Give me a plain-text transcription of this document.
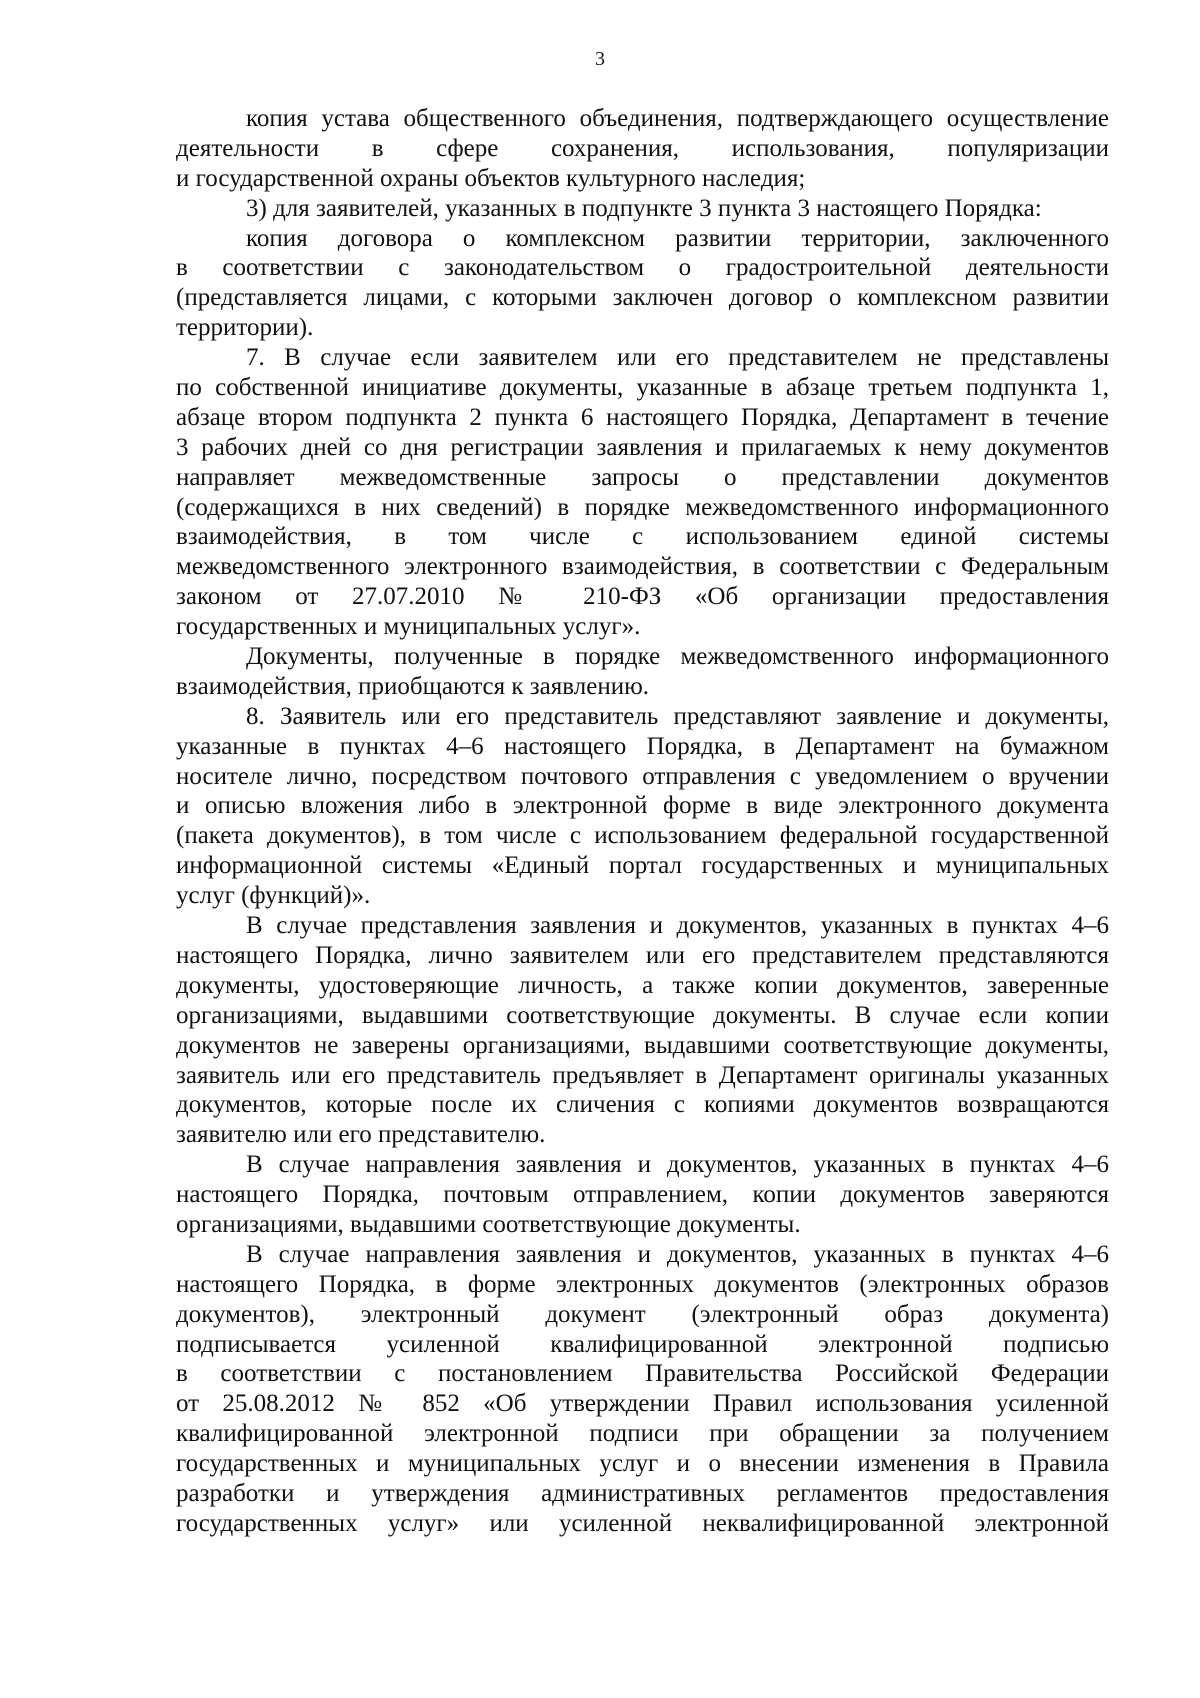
3
копия устава общественного объединения, подтверждающего осуществление
деятельности в сфере сохранения, использования, популяризации
и государственной охраны объектов культурного наследия;
3) для заявителей, указанных в подпункте 3 пункта 3 настоящего Порядка:
копия договора о комплексном развитии территории, заключенного
в соответствии с законодательством о градостроительной деятельности
(представляется лицами, с которыми заключен договор о комплексном развитии
территории).
7. В случае если заявителем или его представителем не представлены
по собственной инициативе документы, указанные в абзаце третьем подпункта 1,
абзаце втором подпункта 2 пункта 6 настоящего Порядка, Департамент в течение
3 рабочих дней со дня регистрации заявления и прилагаемых к нему документов
направляет межведомственные запросы о представлении документов
(содержащихся в них сведений) в порядке межведомственного информационного
взаимодействия, в том числе с использованием единой системы
межведомственного электронного взаимодействия, в соответствии с Федеральным
законом от 27.07.2010 № 210-ФЗ «Об организации предоставления
государственных и муниципальных услуг».
Документы, полученные в порядке межведомственного информационного
взаимодействия, приобщаются к заявлению.
8. Заявитель или его представитель представляют заявление и документы,
указанные в пунктах 4–6 настоящего Порядка, в Департамент на бумажном
носителе лично, посредством почтового отправления с уведомлением о вручении
и описью вложения либо в электронной форме в виде электронного документа
(пакета документов), в том числе с использованием федеральной государственной
информационной системы «Единый портал государственных и муниципальных
услуг (функций)».
В случае представления заявления и документов, указанных в пунктах 4–6
настоящего Порядка, лично заявителем или его представителем представляются
документы, удостоверяющие личность, а также копии документов, заверенные
организациями, выдавшими соответствующие документы. В случае если копии
документов не заверены организациями, выдавшими соответствующие документы,
заявитель или его представитель предъявляет в Департамент оригиналы указанных
документов, которые после их сличения с копиями документов возвращаются
заявителю или его представителю.
В случае направления заявления и документов, указанных в пунктах 4–6
настоящего Порядка, почтовым отправлением, копии документов заверяются
организациями, выдавшими соответствующие документы.
В случае направления заявления и документов, указанных в пунктах 4–6
настоящего Порядка, в форме электронных документов (электронных образов
документов), электронный документ (электронный образ документа)
подписывается усиленной квалифицированной электронной подписью
в соответствии с постановлением Правительства Российской Федерации
от 25.08.2012 № 852 «Об утверждении Правил использования усиленной
квалифицированной электронной подписи при обращении за получением
государственных и муниципальных услуг и о внесении изменения в Правила
разработки и утверждения административных регламентов предоставления
государственных услуг» или усиленной неквалифицированной электронной
